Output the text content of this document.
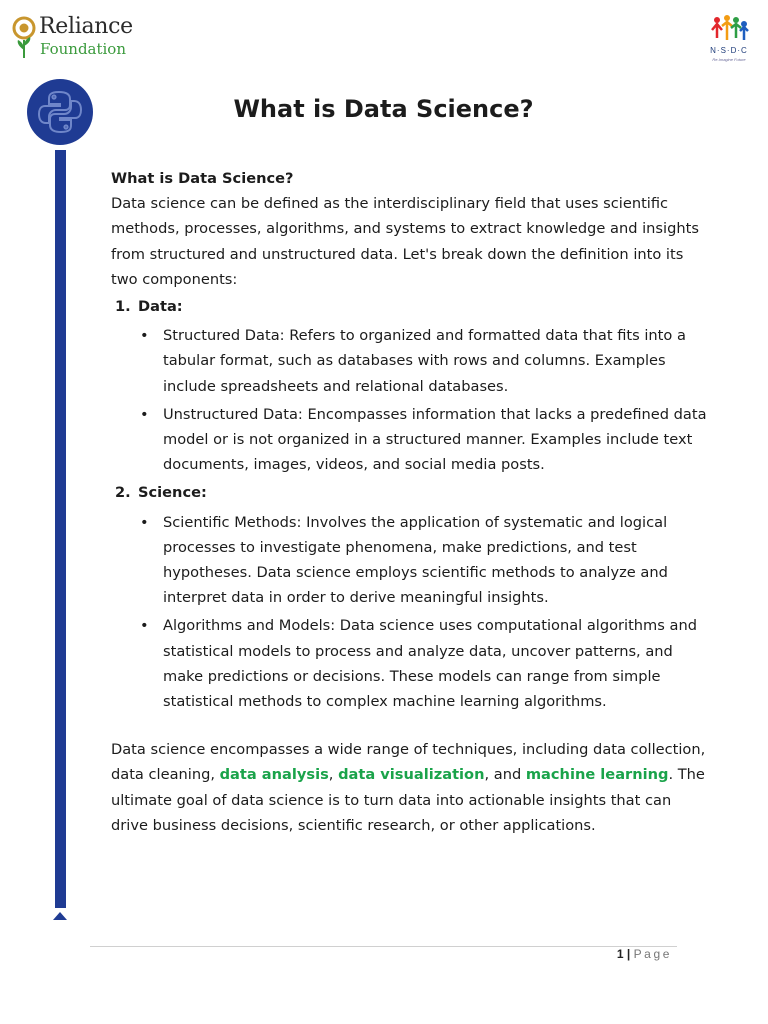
Reliance
Foundation	N·S·D·C
Re-Imagine Future
What is Data Science?

What is Data Science?

Data science can be defined as the interdisciplinary field that uses scientific methods, processes, algorithms, and systems to extract knowledge and insights from structured and unstructured data. Let's break down the definition into its two components:

1. Data:
• Structured Data: Refers to organized and formatted data that fits into a tabular format, such as databases with rows and columns. Examples include spreadsheets and relational databases.
• Unstructured Data: Encompasses information that lacks a predefined data model or is not organized in a structured manner. Examples include text documents, images, videos, and social media posts.
2. Science:
• Scientific Methods: Involves the application of systematic and logical processes to investigate phenomena, make predictions, and test hypotheses. Data science employs scientific methods to analyze and interpret data in order to derive meaningful insights.
• Algorithms and Models: Data science uses computational algorithms and statistical models to process and analyze data, uncover patterns, and make predictions or decisions. These models can range from simple statistical methods to complex machine learning algorithms.

Data science encompasses a wide range of techniques, including data collection, data cleaning, data analysis, data visualization, and machine learning. The ultimate goal of data science is to turn data into actionable insights that can drive business decisions, scientific research, or other applications.

1 | Page
